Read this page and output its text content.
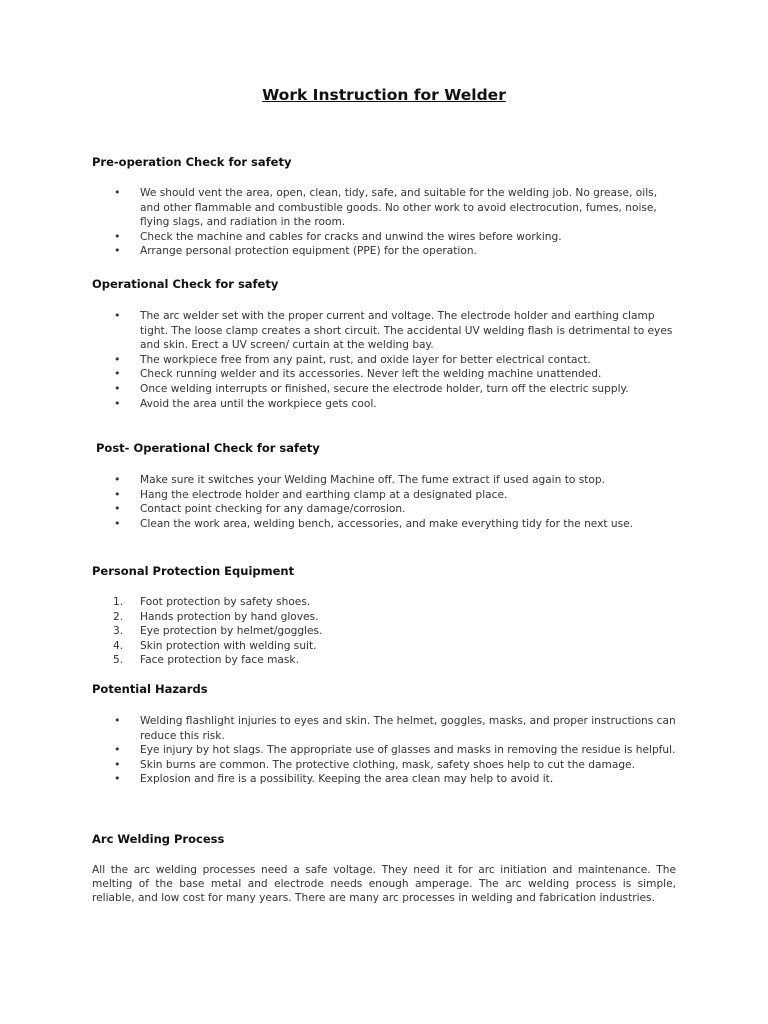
Work Instruction for Welder

Pre-operation Check for safety

• We should vent the area, open, clean, tidy, safe, and suitable for the welding job. No grease, oils, and other flammable and combustible goods. No other work to avoid electrocution, fumes, noise, flying slags, and radiation in the room.
• Check the machine and cables for cracks and unwind the wires before working.
• Arrange personal protection equipment (PPE) for the operation.

Operational Check for safety

• The arc welder set with the proper current and voltage. The electrode holder and earthing clamp tight. The loose clamp creates a short circuit. The accidental UV welding flash is detrimental to eyes and skin. Erect a UV screen/ curtain at the welding bay.
• The workpiece free from any paint, rust, and oxide layer for better electrical contact.
• Check running welder and its accessories. Never left the welding machine unattended.
• Once welding interrupts or finished, secure the electrode holder, turn off the electric supply.
• Avoid the area until the workpiece gets cool.

Post- Operational Check for safety

• Make sure it switches your Welding Machine off. The fume extract if used again to stop.
• Hang the electrode holder and earthing clamp at a designated place.
• Contact point checking for any damage/corrosion.
• Clean the work area, welding bench, accessories, and make everything tidy for the next use.

Personal Protection Equipment

1. Foot protection by safety shoes.
2. Hands protection by hand gloves.
3. Eye protection by helmet/goggles.
4. Skin protection with welding suit.
5. Face protection by face mask.

Potential Hazards

• Welding flashlight injuries to eyes and skin. The helmet, goggles, masks, and proper instructions can reduce this risk.
• Eye injury by hot slags. The appropriate use of glasses and masks in removing the residue is helpful.
• Skin burns are common. The protective clothing, mask, safety shoes help to cut the damage.
• Explosion and fire is a possibility. Keeping the area clean may help to avoid it.

Arc Welding Process

All the arc welding processes need a safe voltage. They need it for arc initiation and maintenance. The melting of the base metal and electrode needs enough amperage. The arc welding process is simple, reliable, and low cost for many years. There are many arc processes in welding and fabrication industries.
